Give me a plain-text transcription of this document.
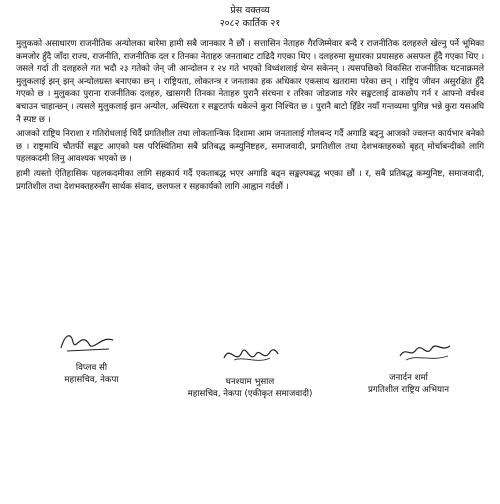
प्रेस वक्तव्य
२०८२ कार्तिक २१

मुलुकको असाधारण राजनीतिक अन्योलका बारेमा हामी सबै जानकार नै छौं । सत्तासिन नेताहरु गैरजिम्मेवार बन्दै र राजनीतिक दलहरुले खेल्नु पर्ने भूमिका कमजोर हुँदै जाँदा राज्य, राजनीति, राजनीतिक दल र तिनका नेताहरु जनताबाट टाढिदै गएका थिए । दलहरुमा सुधारका प्रयासहरु असफल हुँदै गएका थिए । जसले गर्दा ती दलहरुले गत भदौ २३ गतेको जेन् जी आन्दोलन र २४ गते भएको विध्वंशलाई थेग्न सकेनन् । त्यसपछिको विकसित राजनीतिक घटनाक्रमले मुलुकलाई झन् झन् अन्योलग्रस्त बनाएका छन् । राष्ट्रियता, लोकतन्त्र र जनताका हक अधिकार एकसाथ खतरामा परेका छन् । राष्ट्रिय जीवन असुरक्षित हुँदै गएको छ । मुलुकका पुराना राजनीतिक दलहरु, खासगरी तिनका नेताहरु पुरानै संरचना र तरिका जोडजाड गरेर सङ्कटलाई ढाकछोप गर्न र आफ्नो वर्चश्व बचाउन चाहान्छन् । त्यसले मुलुकलाई झन अन्योल, अस्थिरता र सङ्कटतर्फ धकेल्ने कुरा निश्चित छ । पुरानै बाटो हिँडेर नयाँ गन्तव्यमा पुगिन्न भन्ने कुरा यसअघि नै स्पष्ट छ ।

आजको राष्ट्रिय निराशा र गतिरोधलाई चिर्दै प्रगतिशील तथा लोकतान्त्रिक दिशामा आम जनतालाई गोलबन्द गर्दै अगाडि बढ्नु आजको ज्वलन्त कार्यभार बनेको छ । राष्ट्रमाथि चौतर्फी सङ्कट आएको यस परिस्थितिमा सबै प्रतिबद्ध कम्युनिष्टहरु, समाजवादी, प्रगतिशील तथा देशभक्तहरुको बृहत् मोर्चाबन्दीको लागि पहलकदमी लिनु आवश्यक भएको छ ।

हामी त्यस्तो ऐतिहासिक पहलकदमीका लागि सहकार्य गर्दै एकताबद्ध भएर अगाडि बढ्न सङ्कल्पबद्ध भएका छौं । र, सबै प्रतिबद्ध कम्युनिष्ट, समाजवादी, प्रगतिशील तथा देशभक्तहरुसँग सार्थक संवाद, छलफल र सहकार्यको लागि आह्वान गर्दछौं ।

विप्लव सी
महासचिव, नेकपा	घनश्याम भुसाल
महासचिव, नेकपा (एकीकृत समाजवादी)
जनार्दन शर्मा
प्रगतिशील राष्ट्रिय अभियान
